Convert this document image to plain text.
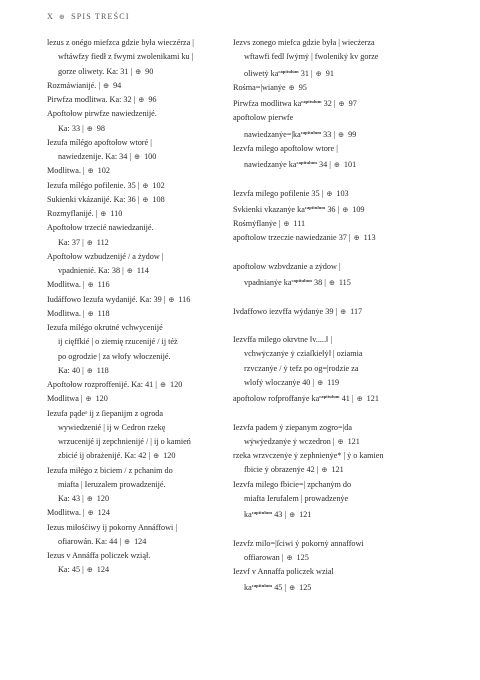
X ⊕ SPIS TREŚCI
lezus z onégo miefzca gdzie była wieczérza |
wftáwfzy fiedł z fwymi zwolenikami ku |
gorze oliwety. Ka: 31 | ⊕ 90
Rozmáwianijé. | ⊕ 94
Pirwfza modlitwa. Ka: 32 | ⊕ 96
Apoftołow pirwfze nawiedzenijé.
Ka: 33 | ⊕ 98
Iezufa mílégo apoftołow wtoré |
nawiedzenije. Ka: 34 | ⊕ 100
Modlitwa. | ⊕ 102
Iezufa mílégo pofilenie. 35 | ⊕ 102
Sukienki vkázanijé. Ka: 36 | ⊕ 108
Rozmyflanijé. | ⊕ 110
Apoftołow trzecié nawiedzanijé.
Ka: 37 | ⊕ 112
Apoftołow wzbudzenijé / a żydow |
vpadnienié. Ka: 38 | ⊕ 114
Modlitwa. | ⊕ 116
Iudáffowo Iezufa wydanijé. Ka: 39 | ⊕ 116
Modlitwa. | ⊕ 118
Iezufa mílégo okrutné vchwycenijé
ij cięffkié | o ziemię rzucenijé / ij téż
po ogrodzie | za włofy włoczenijé.
Ka: 40 | ⊕ 118
Apoftołow rozproffenijé. Ka: 41 | ⊕ 120
Modlitwa | ⊕ 120
Iezufa pądeᵒ ij z ſiepanijm z ogroda
wywiedzenié | ij w Cedron rzekę
wrzucenijé ij zepchnienijé / | ij o kamień
zbicié ij obrażenijé. Ka: 42 | ⊕ 120
Iezufa miłégo z biciem / z pchanim do
miafta | Ieruzalem prowadzenijé.
Ka: 43 | ⊕ 120
Modlitwa. | ⊕ 124
Iezus miłośćiwy ij pokorny Annáffowi |
ofiarowán. Ka: 44 | ⊕ 124
Iezus v Annáffa policzek wziął.
Ka: 45 | ⊕ 124
Iezvs zonego miefca gdzie była | wiecżerza
wftawfi fedl ſwẏmẏ | fwolenikẏ kv gorze
oliwetẏ $ka^{capitulum}$ 31 | ⊕ 91
Rośma=|wianẏe ⊕ 95
Pirwfza modlitwa $ka^{capitulum}$ 32 | ⊕ 97
apoftolow pierwfe
$nawiedzanẏe=|ka^{capitulum}$ 33 | ⊕ 99
Iezvfa milego apoftolow wtore |
nawiedzanẏe $ka^{capitulum}$ 34 | ⊕ 101
Iezvfa milego pofilenie 35 | ⊕ 103
Svkienki vkazanẏe $ka^{capitulum}$ 36 | ⊕ 109
Rośmẏflanẏe | ⊕ 111
apoftolow trzeczie nawiedzanie 37 | ⊕ 113
apoftolow wzbvdzanie a zẏdow |
vpadnianẏe $ka^{capitulum}$ 38 | ⊕ 115
Ivdaffowo iezvffa wẏdanẏe 39 | ⊕ 117
Iezvffa milego okrvtne ‖v.....‖ |
vchwẏczanẏe ẏ cziaſkie‖ẏ‖ | oziamia
rzvczanẏe / ẏ tefz po og=|rodzie za
wlofẏ wloczanẏe 40 | ⊕ 119
apoftolow rofproffanẏe $ka^{capitulum}$ 41 | ⊕ 121
Iezvfa padem ẏ ziepanym zogro=|da
wẏwẏedzanẏe ẏ wczedron | ⊕ 121
rzeka wrzvczenẏe ẏ zephnienẏe* | ẏ o kamien
fbicie ẏ obrazenẏe 42 | ⊕ 121
Iezvfa milego fbicie=| zpchanẏm do
miafta Ierufalem | prowadzenẏe
$ka^{capitulum}$ 43 | ⊕ 121
Iezvfz milo=|ſciwi ẏ pokornẏ annaffowi
offiarowan | ⊕ 125
Iezvf v Annaffa policzek wzial
$ka^{capitulum}$ 45 | ⊕ 125
